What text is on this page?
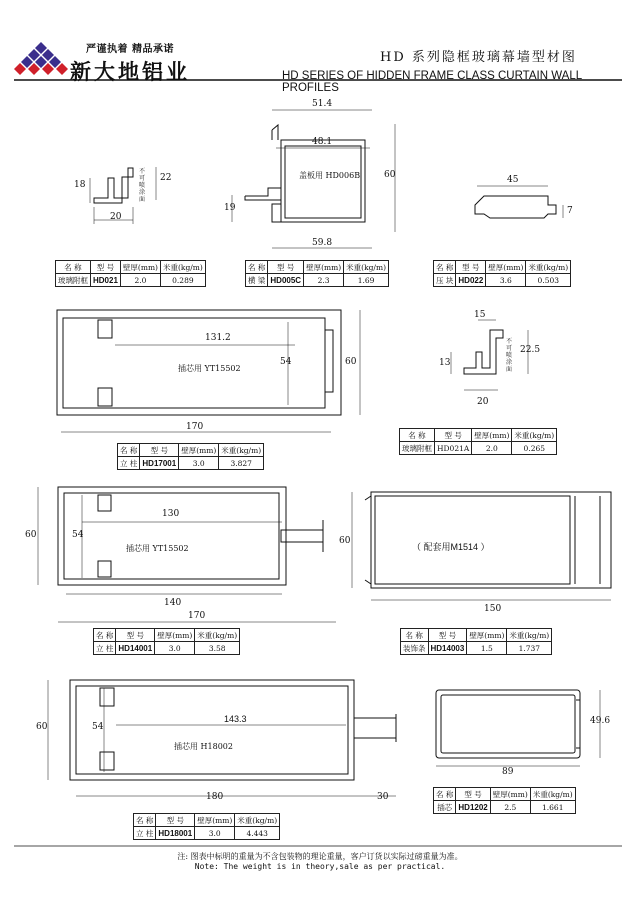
严谨执着 精品承诺
新大地铝业
HD 系列隐框玻璃幕墙型材图
HD SERIES OF HIDDEN FRAME CLASS CURTAIN WALL PROFILES
18
22
20
不可喷涂面
51.4
48.1
59.8
60
19
盖板用 HD006B	45
7
131.2
54	60
170
插芯用 YT15502
15
13
22.5
20
不可喷涂面
130
54
60
140
170
插芯用 YT15502
60
150
（ 配套用M1514 ）
143.3
54
60
180	30
插芯用 H18002
89
49.6
名 称	型 号	壁厚(mm)	米重(kg/m)
玻璃附框	HD021	2.0	0.289
名 称	型 号	壁厚(mm)	米重(kg/m)
横 梁	HD005C	2.3	1.69
名 称	型 号	壁厚(mm)	米重(kg/m)
压 块	HD022	3.6	0.503
名 称	型 号	壁厚(mm)	米重(kg/m)
立 柱	HD17001	3.0	3.827
名 称	型 号	壁厚(mm)	米重(kg/m)
玻璃附框	HD021A	2.0	0.265
名 称	型 号	壁厚(mm)	米重(kg/m)
立 柱	HD14001	3.0	3.58
名 称	型 号	壁厚(mm)	米重(kg/m)
装饰条	HD14003	1.5	1.737
名 称	型 号	壁厚(mm)	米重(kg/m)
立 柱	HD18001	3.0	4.443
名 称	型 号	壁厚(mm)	米重(kg/m)
插芯	HD1202	2.5	1.661
注: 图表中标明的重量为不含包装物的理论重量，客户订货以实际过磅重量为准。
Note: The weight is in theory,sale as per practical.
